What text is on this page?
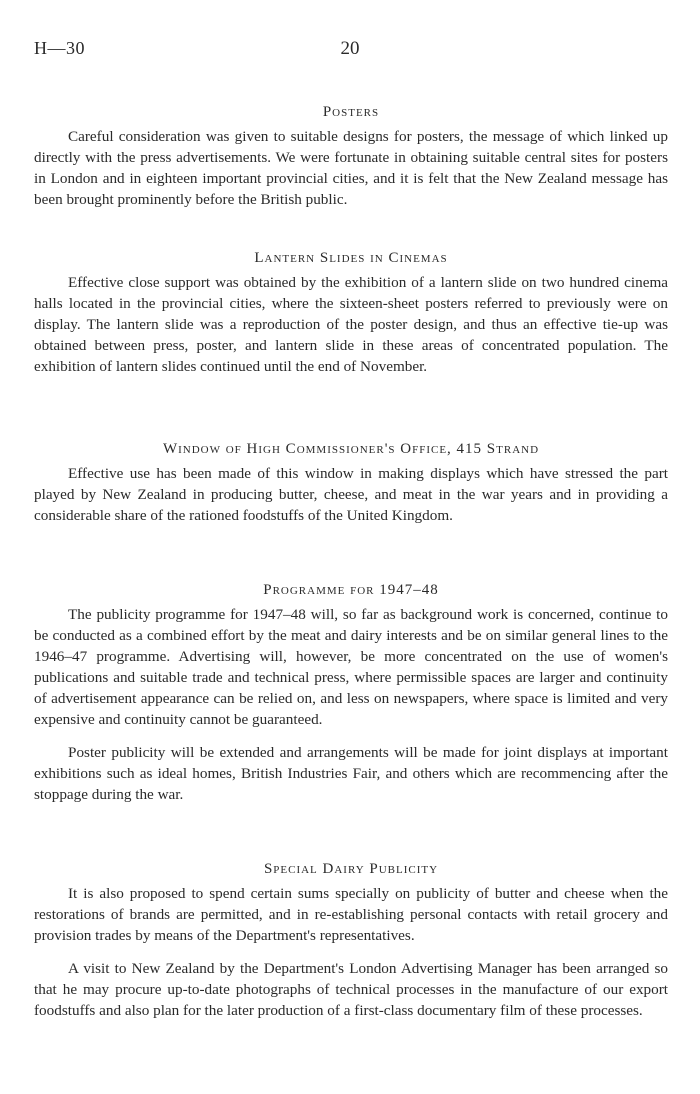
H—30	20
Posters

Careful consideration was given to suitable designs for posters, the message of which linked up directly with the press advertisements. We were fortunate in obtaining suitable central sites for posters in London and in eighteen important provincial cities, and it is felt that the New Zealand message has been brought prominently before the British public.

Lantern Slides in Cinemas

Effective close support was obtained by the exhibition of a lantern slide on two hundred cinema halls located in the provincial cities, where the sixteen-sheet posters referred to previously were on display. The lantern slide was a reproduction of the poster design, and thus an effective tie-up was obtained between press, poster, and lantern slide in these areas of concentrated population. The exhibition of lantern slides continued until the end of November.

Window of High Commissioner's Office, 415 Strand

Effective use has been made of this window in making displays which have stressed the part played by New Zealand in producing butter, cheese, and meat in the war years and in providing a considerable share of the rationed foodstuffs of the United Kingdom.

Programme for 1947–48

The publicity programme for 1947–48 will, so far as background work is concerned, continue to be conducted as a combined effort by the meat and dairy interests and be on similar general lines to the 1946–47 programme. Advertising will, however, be more concentrated on the use of women's publications and suitable trade and technical press, where permissible spaces are larger and continuity of advertisement appearance can be relied on, and less on newspapers, where space is limited and very expensive and continuity cannot be guaranteed.

Poster publicity will be extended and arrangements will be made for joint displays at important exhibitions such as ideal homes, British Industries Fair, and others which are recommencing after the stoppage during the war.

Special Dairy Publicity

It is also proposed to spend certain sums specially on publicity of butter and cheese when the restorations of brands are permitted, and in re-establishing personal contacts with retail grocery and provision trades by means of the Department's representatives.

A visit to New Zealand by the Department's London Advertising Manager has been arranged so that he may procure up-to-date photographs of technical processes in the manufacture of our export foodstuffs and also plan for the later production of a first-class documentary film of these processes.
